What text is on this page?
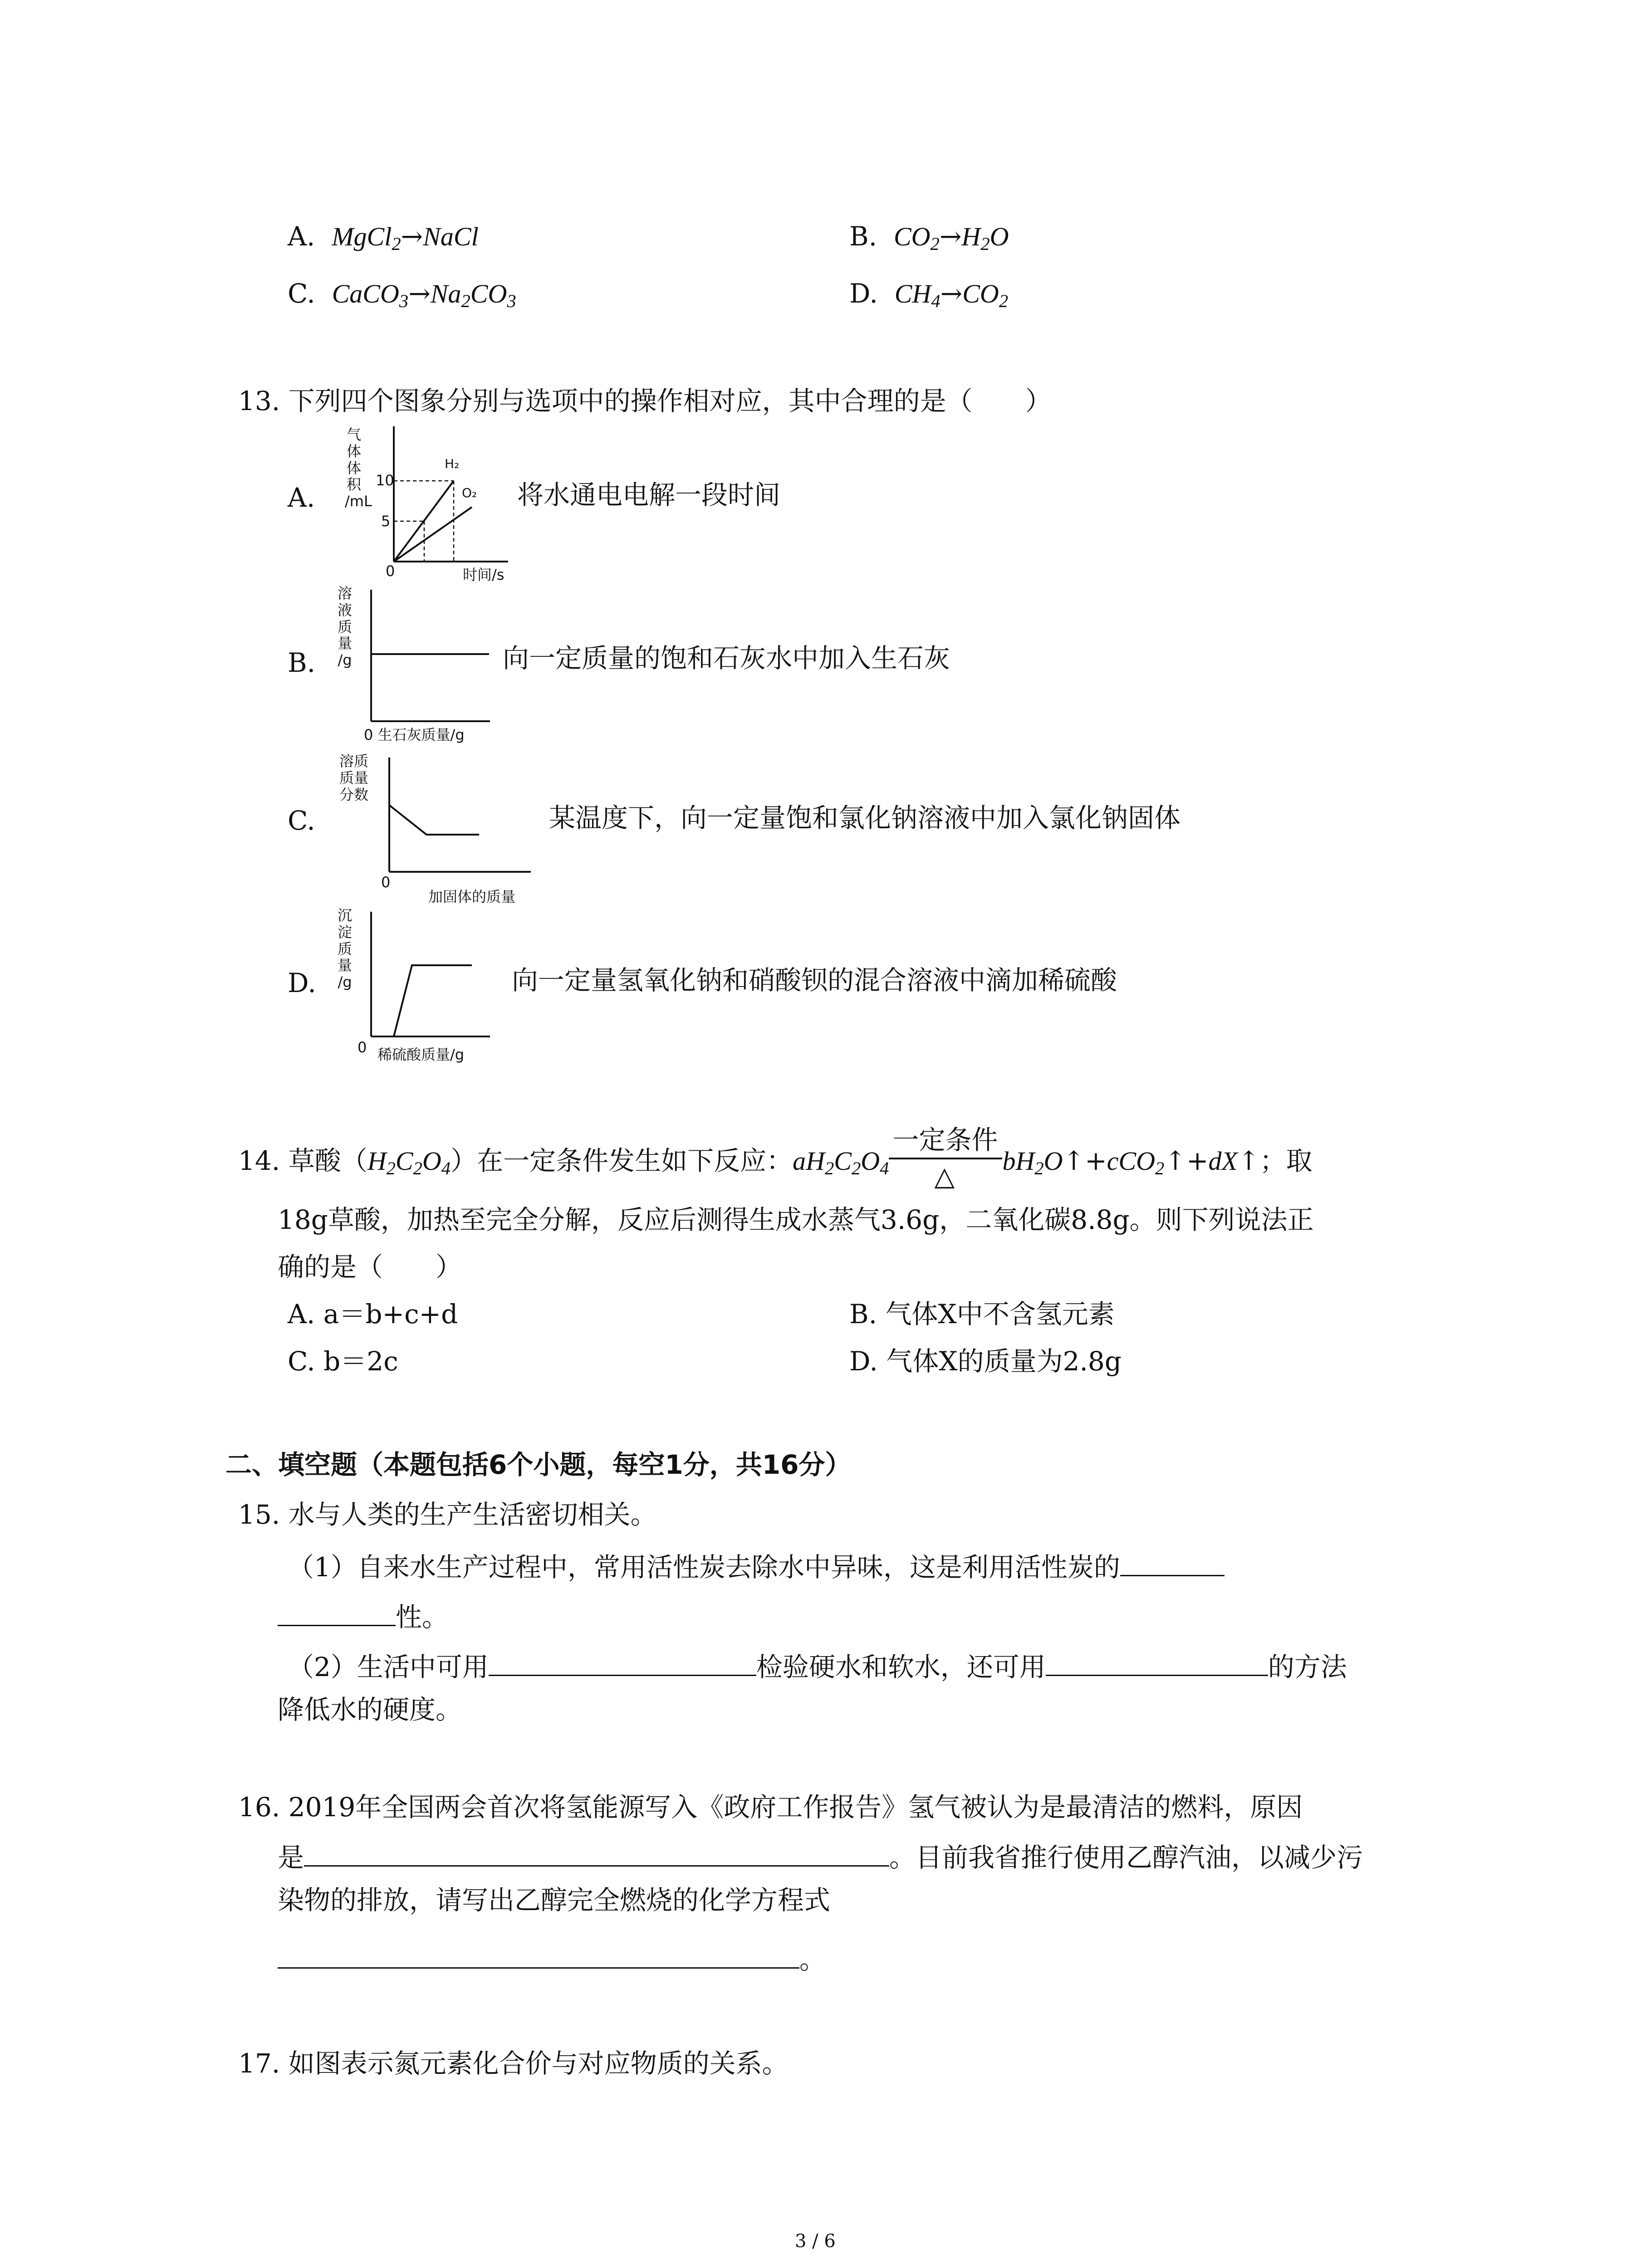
A. MgCl$_2$→NaCl	B. $CO_2\to H_2O$
C. $CaCO_3\to Na_2CO_3$	D. $CH_4\to CO_2$
13. 下列四个图象分别与选项中的操作相对应，其中合理的是（　　）
A.
气
体
体
积
/mL
10
5
0
H₂
O₂
时间/s
将水通电电解一段时间
B.
溶
液
质
量
/g
0 生石灰质量/g
向一定质量的饱和石灰水中加入生石灰
C.
溶质
质量
分数
0
加固体的质量
某温度下，向一定量饱和氯化钠溶液中加入氯化钠固体
D.
沉
淀
质
量
/g
0 稀硫酸质量/g
向一定量氢氧化钠和硝酸钡的混合溶液中滴加稀硫酸
14. 草酸$(H_2C_2O_4)$在一定条件发生如下反应：$aH_2C_2O_4$
一定条件
△ $bH_2O↑+cCO_2↑+dX↑$；取
18g草酸，加热至完全分解，反应后测得生成水蒸气3.6g，二氧化碳8.8g。则下列说法正
确的是（　　）
A. a＝b+c+d	B. 气体X中不含氢元素
C. b＝2c	D. 气体X的质量为2.8g
二、填空题（本题包括6个小题，每空1分，共16分）
15. 水与人类的生产生活密切相关。
（1）自来水生产过程中，常用活性炭去除水中异味，这是利用活性炭的
性。
（2）生活中可用	检验硬水和软水，还可用	的方法
降低水的硬度。
16. 2019年全国两会首次将氢能源写入《政府工作报告》氢气被认为是最清洁的燃料，原因
是	。目前我省推行使用乙醇汽油，以减少污
染物的排放，请写出乙醇完全燃烧的化学方程式
。
17. 如图表示氮元素化合价与对应物质的关系。
3 / 6
